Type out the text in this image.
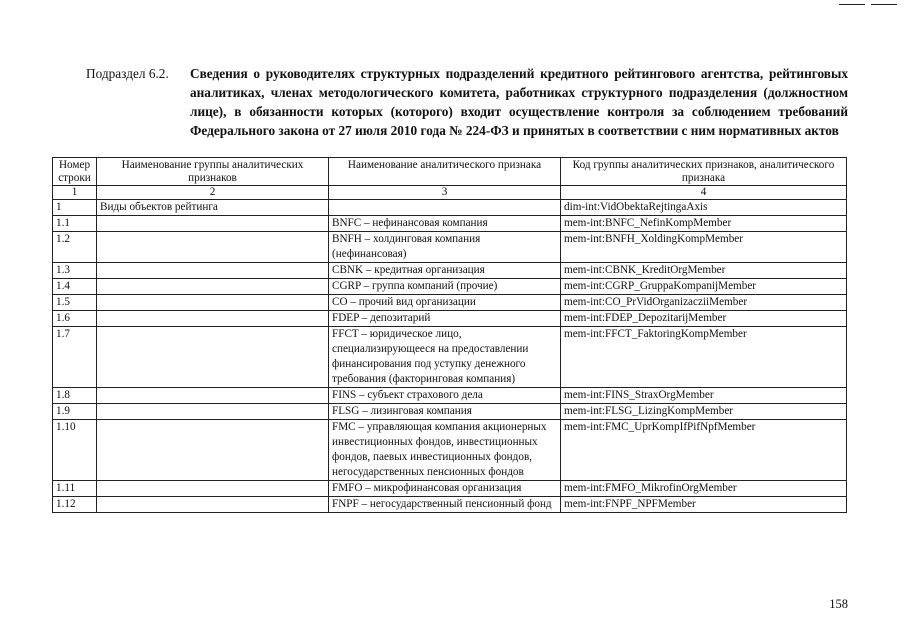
Подраздел 6.2. Сведения о руководителях структурных подразделений кредитного рейтингового агентства, рейтинговых аналитиках, членах методологического комитета, работниках структурного подразделения (должностном лице), в обязанности которых (которого) входит осуществление контроля за соблюдением требований Федерального закона от 27 июля 2010 года № 224-ФЗ и принятых в соответствии с ним нормативных актов
Номер строки	Наименование группы аналитических признаков	Наименование аналитического признака	Код группы аналитических признаков, аналитического признака
1	2	3	4
1	Виды объектов рейтинга		dim-int:VidObektaRejtingaAxis
1.1		BNFC – нефинансовая компания	mem-int:BNFC_NefinKompMember
1.2		BNFH – холдинговая компания (нефинансовая)	mem-int:BNFH_XoldingKompMember
1.3		CBNK – кредитная организация	mem-int:CBNK_KreditOrgMember
1.4		CGRP – группа компаний (прочие)	mem-int:CGRP_GruppaKompanijMember
1.5		CO – прочий вид организации	mem-int:CO_PrVidOrganizacziiMember
1.6		FDEP – депозитарий	mem-int:FDEP_DepozitarijMember
1.7		FFCT – юридическое лицо, специализирующееся на предоставлении финансирования под уступку денежного требования (факторинговая компания)	mem-int:FFCT_FaktoringKompMember
1.8		FINS – субъект страхового дела	mem-int:FINS_StraxOrgMember
1.9		FLSG – лизинговая компания	mem-int:FLSG_LizingKompMember
1.10		FMC – управляющая компания акционерных инвестиционных фондов, инвестиционных фондов, паевых инвестиционных фондов, негосударственных пенсионных фондов	mem-int:FMC_UprKompIfPifNpfMember
1.11		FMFO – микрофинансовая организация	mem-int:FMFO_MikrofinOrgMember
1.12		FNPF – негосударственный пенсионный фонд	mem-int:FNPF_NPFMember
158
